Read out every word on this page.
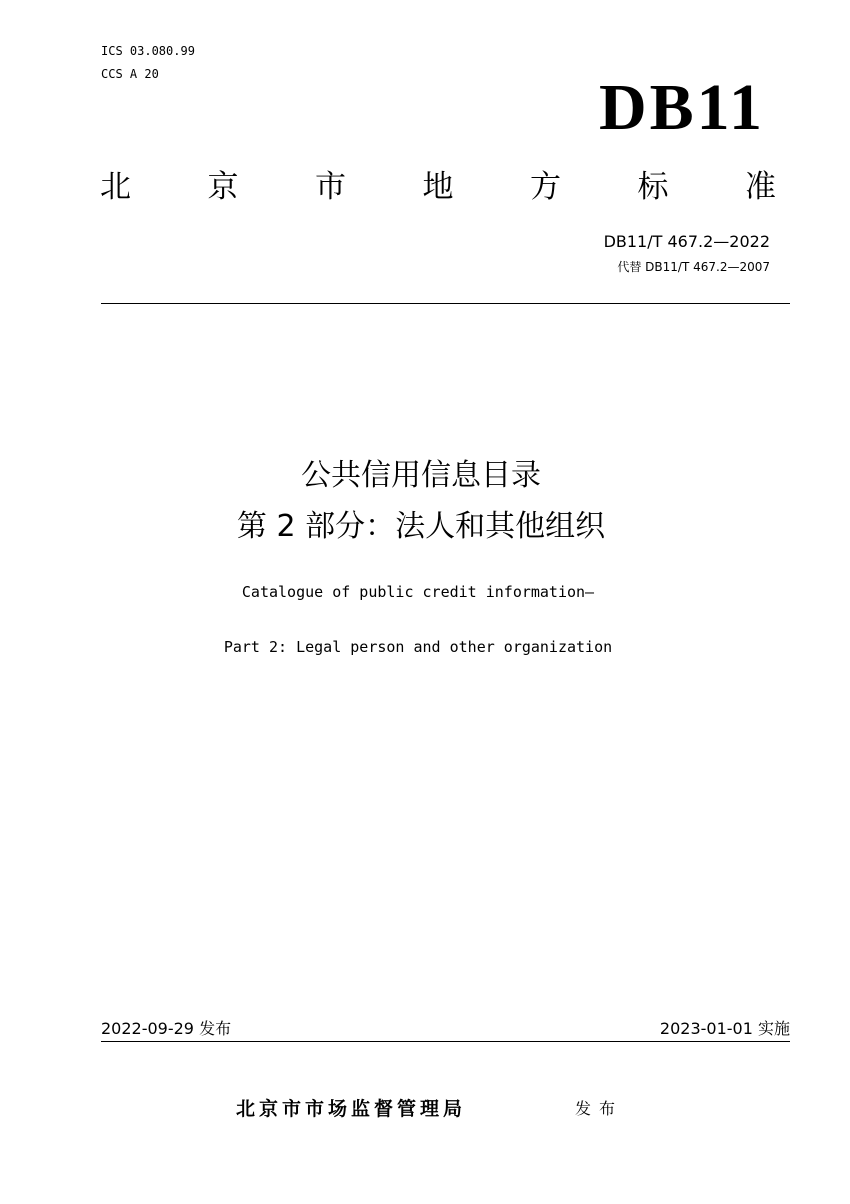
ICS 03.080.99
CCS A 20	DB11
北 京 市 地 方 标 准
DB11/T 467.2—2022
代替 DB11/T 467.2—2007
公共信用信息目录
第 2 部分：法人和其他组织
Catalogue of public credit information—
Part 2: Legal person and other organization
2022-09-29 发布	2023-01-01 实施
北京市市场监督管理局	发布
